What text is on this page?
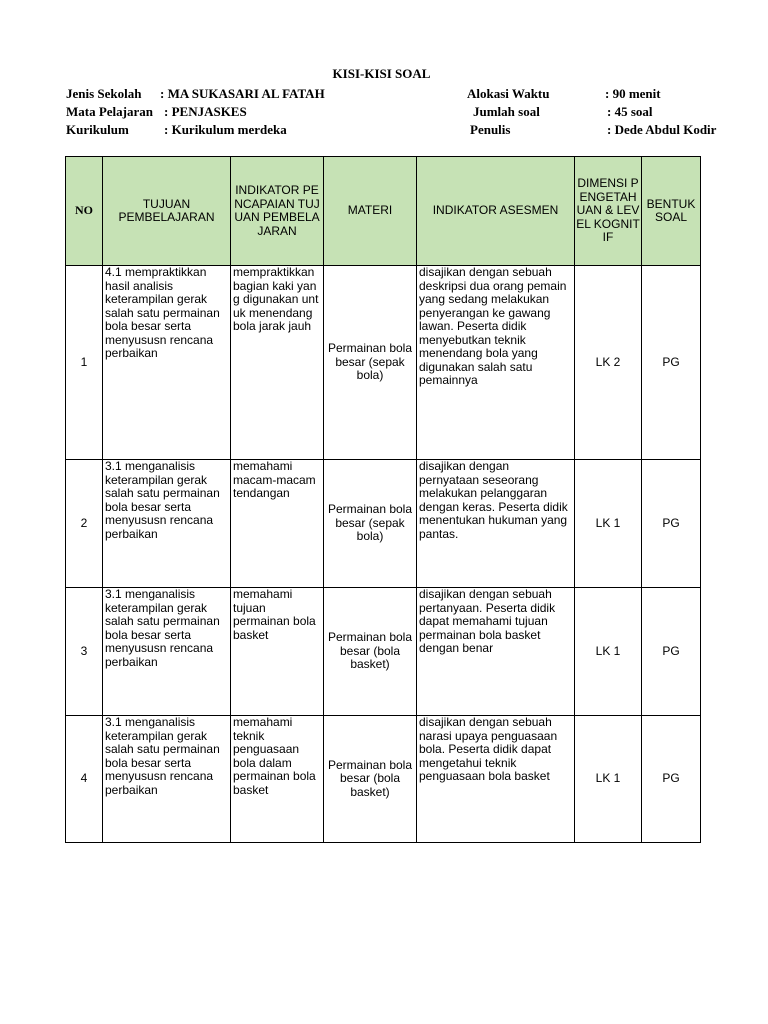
KISI-KISI SOAL
Jenis Sekolah : MA SUKASARI AL FATAH
Mata Pelajaran : PENJASKES
Kurikulum	: Kurikulum merdeka
Alokasi Waktu	: 90 menit
Jumlah soal	: 45 soal
Penulis	: Dede Abdul Kodir
NO	TUJUAN PEMBELAJARAN	INDIKATOR PENCAPAIAN TUJUAN PEMBELAJARAN	MATERI	INDIKATOR ASESMEN	DIMENSI PENGETAHUAN & LEVEL KOGNITIF	BENTUK SOAL
1	4.1 mempraktikkan hasil analisis keterampilan gerak salah satu permainan bola besar serta menyususn rencana perbaikan	mempraktikkan bagian kaki yang digunakan untuk menendang bola jarak jauh	Permainan bola besar (sepak bola)	disajikan dengan sebuah deskripsi dua orang pemain yang sedang melakukan penyerangan ke gawang lawan. Peserta didik menyebutkan teknik menendang bola yang digunakan salah satu pemainnya	LK 2	PG
2	3.1 menganalisis keterampilan gerak salah satu permainan bola besar serta menyususn rencana perbaikan	memahami macam-macam tendangan	Permainan bola besar (sepak bola)	disajikan dengan pernyataan seseorang melakukan pelanggaran dengan keras. Peserta didik menentukan hukuman yang pantas.	LK 1	PG
3	3.1 menganalisis keterampilan gerak salah satu permainan bola besar serta menyususn rencana perbaikan	memahami tujuan permainan bola basket	Permainan bola besar (bola basket)	disajikan dengan sebuah pertanyaan. Peserta didik dapat memahami tujuan permainan bola basket dengan benar	LK 1	PG
4	3.1 menganalisis keterampilan gerak salah satu permainan bola besar serta menyususn rencana perbaikan	memahami teknik penguasaan bola dalam permainan bola basket	Permainan bola besar (bola basket)	disajikan dengan sebuah narasi upaya penguasaan bola. Peserta didik dapat mengetahui teknik penguasaan bola basket	LK 1	PG
